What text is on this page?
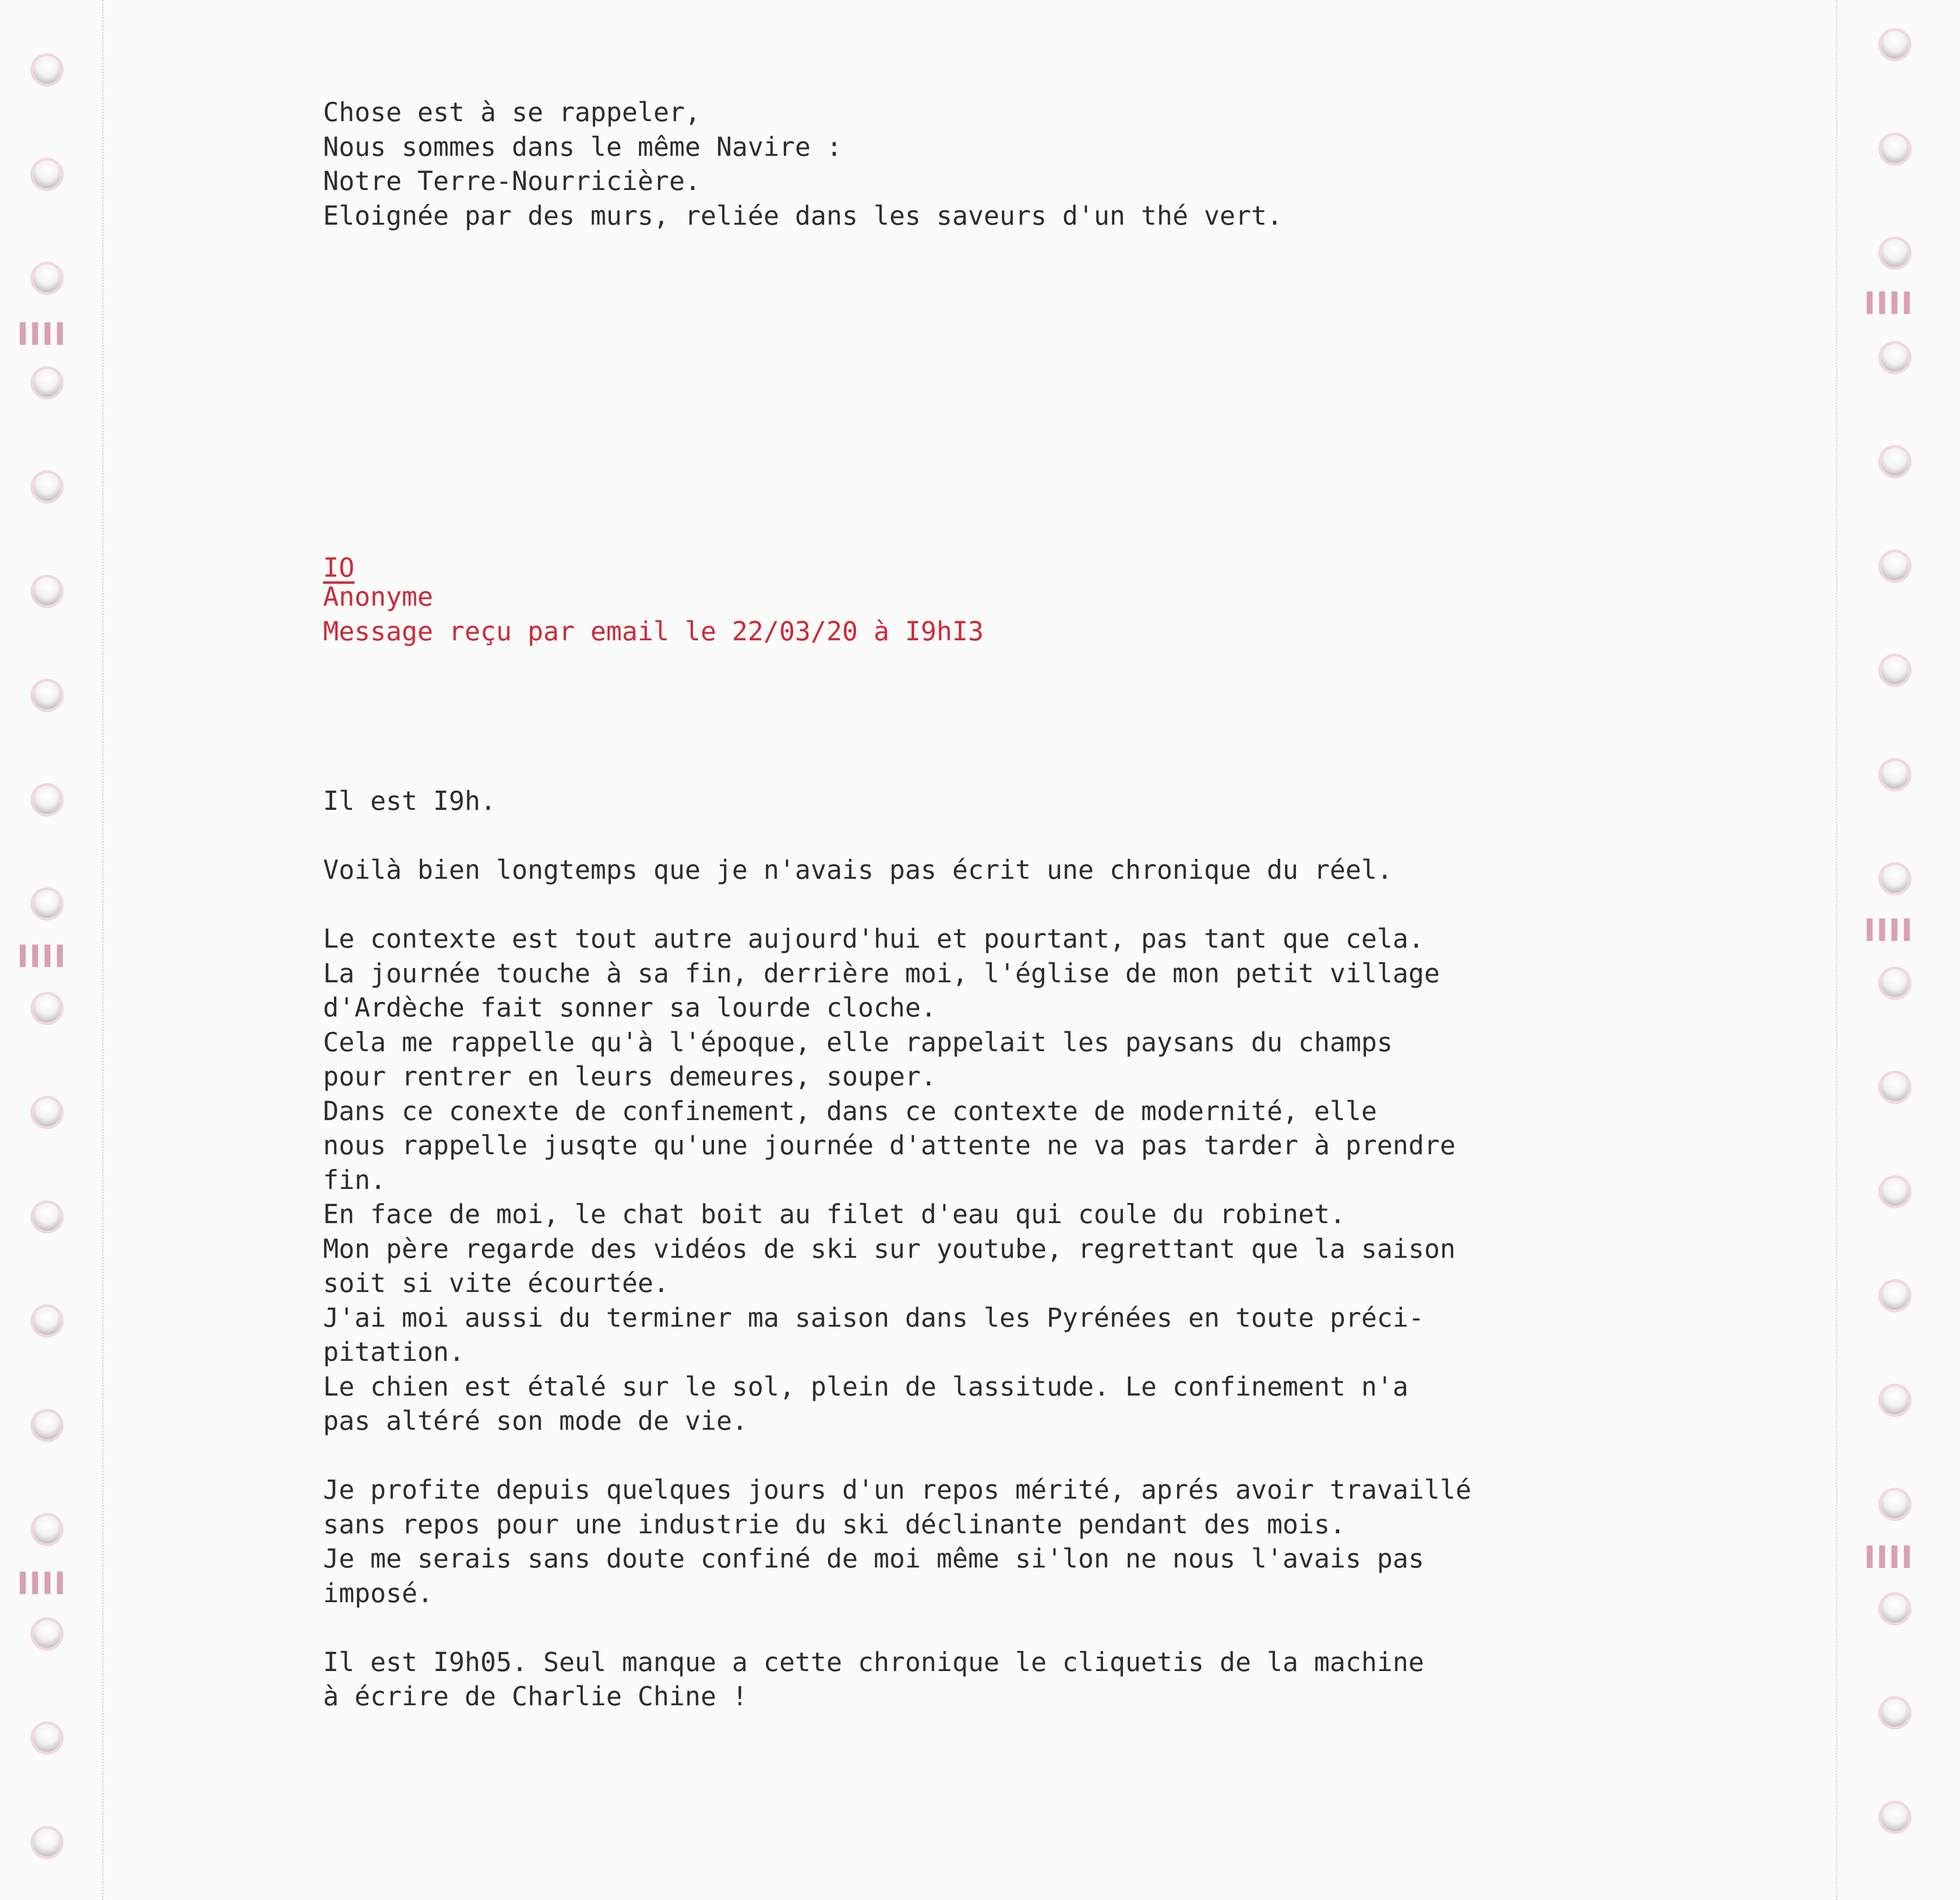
▌▌▌▌
▌▌▌▌
▌▌▌▌
▌▌▌▌
▌▌▌▌
▌▌▌▌

Chose est à se rappeler,

Nous sommes dans le même Navire :

Notre Terre-Nourricière.

Eloignée par des murs, reliée dans les saveurs d'un thé vert.

IO

Anonyme

Message reçu par email le 22/03/20 à I9hI3

Il est I9h.

Voilà bien longtemps que je n'avais pas écrit une chronique du réel.

Le contexte est tout autre aujourd'hui et pourtant, pas tant que cela.

La journée touche à sa fin, derrière moi, l'église de mon petit village

d'Ardèche fait sonner sa lourde cloche.

Cela me rappelle qu'à l'époque, elle rappelait les paysans du champs

pour rentrer en leurs demeures, souper.

Dans ce conexte de confinement, dans ce contexte de modernité, elle

nous rappelle jusqte qu'une journée d'attente ne va pas tarder à prendre

fin.

En face de moi, le chat boit au filet d'eau qui coule du robinet.

Mon père regarde des vidéos de ski sur youtube, regrettant que la saison

soit si vite écourtée.

J'ai moi aussi du terminer ma saison dans les Pyrénées en toute préci-

pitation.

Le chien est étalé sur le sol, plein de lassitude. Le confinement n'a

pas altéré son mode de vie.

Je profite depuis quelques jours d'un repos mérité, aprés avoir travaillé

sans repos pour une industrie du ski déclinante pendant des mois.

Je me serais sans doute confiné de moi même si'lon ne nous l'avais pas

imposé.

Il est I9h05. Seul manque a cette chronique le cliquetis de la machine

à écrire de Charlie Chine !
